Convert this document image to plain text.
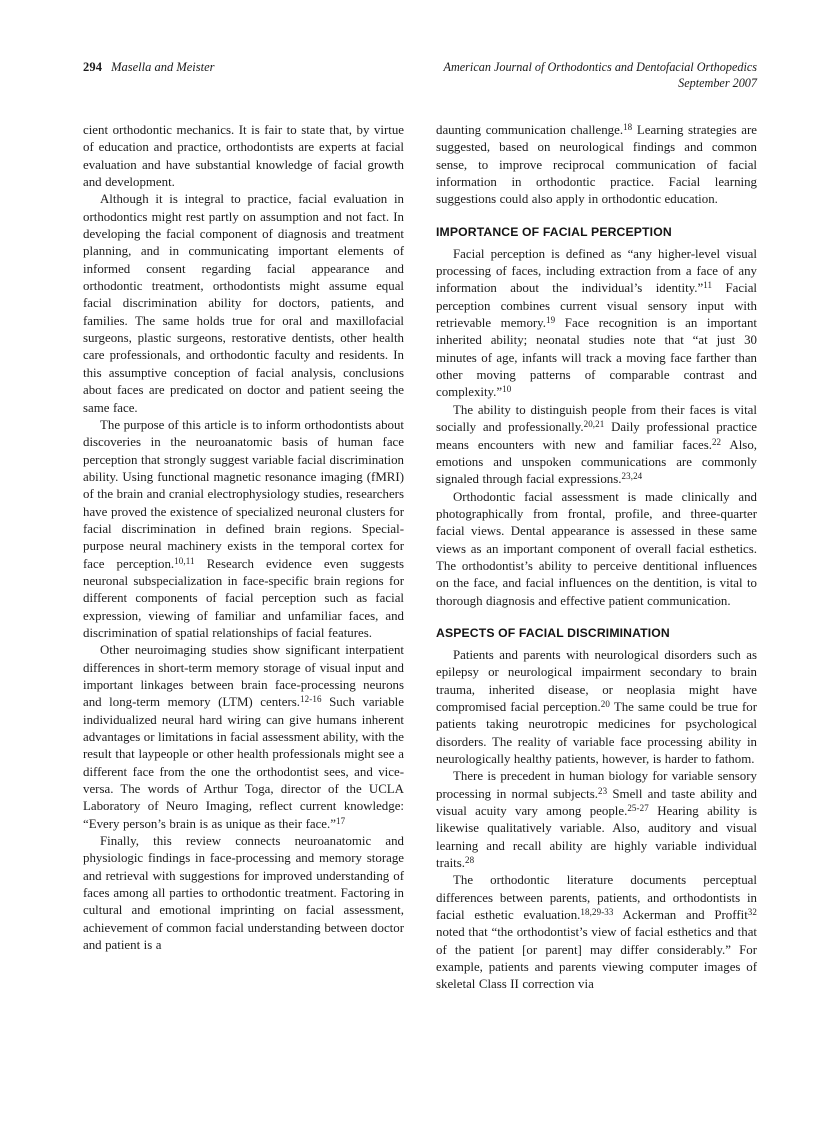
294 Masella and Meister	American Journal of Orthodontics and Dentofacial Orthopedics
September 2007

cient orthodontic mechanics. It is fair to state that, by virtue of education and practice, orthodontists are experts at facial evaluation and have substantial knowledge of facial growth and development.

Although it is integral to practice, facial evaluation in orthodontics might rest partly on assumption and not fact. In developing the facial component of diagnosis and treatment planning, and in communicating important elements of informed consent regarding facial appearance and orthodontic treatment, orthodontists might assume equal facial discrimination ability for doctors, patients, and families. The same holds true for oral and maxillofacial surgeons, plastic surgeons, restorative dentists, other health care professionals, and orthodontic faculty and residents. In this assumptive conception of facial analysis, conclusions about faces are predicated on doctor and patient seeing the same face.

The purpose of this article is to inform orthodontists about discoveries in the neuroanatomic basis of human face perception that strongly suggest variable facial discrimination ability. Using functional magnetic resonance imaging (fMRI) of the brain and cranial electrophysiology studies, researchers have proved the existence of specialized neuronal clusters for facial discrimination in defined brain regions. Special-purpose neural machinery exists in the temporal cortex for face perception.$^{10,11}$ Research evidence even suggests neuronal subspecialization in face-specific brain regions for different components of facial perception such as facial expression, viewing of familiar and unfamiliar faces, and discrimination of spatial relationships of facial features.

Other neuroimaging studies show significant interpatient differences in short-term memory storage of visual input and important linkages between brain face-processing neurons and long-term memory (LTM) centers.$^{12-16}$ Such variable individualized neural hard wiring can give humans inherent advantages or limitations in facial assessment ability, with the result that laypeople or other health professionals might see a different face from the one the orthodontist sees, and vice-versa. The words of Arthur Toga, director of the UCLA Laboratory of Neuro Imaging, reflect current knowledge: “Every person’s brain is as unique as their face.”$^{17}$

Finally, this review connects neuroanatomic and physiologic findings in face-processing and memory storage and retrieval with suggestions for improved understanding of faces among all parties to orthodontic treatment. Factoring in cultural and emotional imprinting on facial assessment, achievement of common facial understanding between doctor and patient is a

daunting communication challenge.$^{18}$ Learning strategies are suggested, based on neurological findings and common sense, to improve reciprocal communication of facial information in orthodontic practice. Facial learning suggestions could also apply in orthodontic education.

IMPORTANCE OF FACIAL PERCEPTION

Facial perception is defined as “any higher-level visual processing of faces, including extraction from a face of any information about the individual’s identity.”$^{11}$ Facial perception combines current visual sensory input with retrievable memory.$^{19}$ Face recognition is an important inherited ability; neonatal studies note that “at just 30 minutes of age, infants will track a moving face farther than other moving patterns of comparable contrast and complexity.”$^{10}$

The ability to distinguish people from their faces is vital socially and professionally.$^{20,21}$ Daily professional practice means encounters with new and familiar faces.$^{22}$ Also, emotions and unspoken communications are commonly signaled through facial expressions.$^{23,24}$

Orthodontic facial assessment is made clinically and photographically from frontal, profile, and three-quarter facial views. Dental appearance is assessed in these same views as an important component of overall facial esthetics. The orthodontist’s ability to perceive dentitional influences on the face, and facial influences on the dentition, is vital to thorough diagnosis and effective patient communication.

ASPECTS OF FACIAL DISCRIMINATION

Patients and parents with neurological disorders such as epilepsy or neurological impairment secondary to brain trauma, inherited disease, or neoplasia might have compromised facial perception.$^{20}$ The same could be true for patients taking neurotropic medicines for psychological disorders. The reality of variable face processing ability in neurologically healthy patients, however, is harder to fathom.

There is precedent in human biology for variable sensory processing in normal subjects.$^{23}$ Smell and taste ability and visual acuity vary among people.$^{25-27}$ Hearing ability is likewise qualitatively variable. Also, auditory and visual learning and recall ability are highly variable individual traits.$^{28}$

The orthodontic literature documents perceptual differences between parents, patients, and orthodontists in facial esthetic evaluation.$^{18,29-33}$ Ackerman and Proffit$^{32}$ noted that “the orthodontist’s view of facial esthetics and that of the patient [or parent] may differ considerably.” For example, patients and parents viewing computer images of skeletal Class II correction via
